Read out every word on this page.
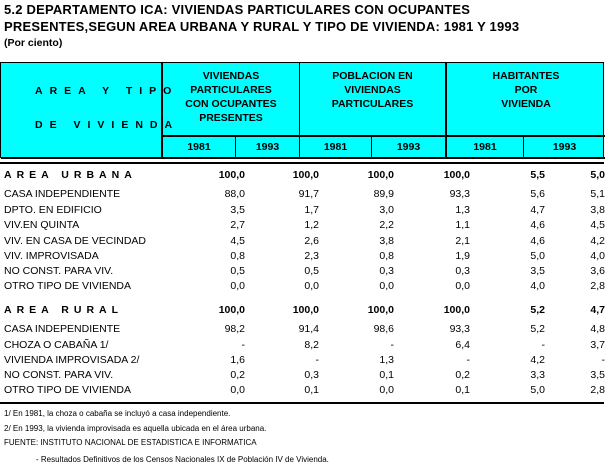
5.2 DEPARTAMENTO ICA: VIVIENDAS PARTICULARES CON OCUPANTES
PRESENTES,SEGUN AREA URBANA Y RURAL Y TIPO DE VIVIENDA: 1981 Y 1993
(Por ciento)
AREA Y TIPO
DE VIVIENDA
VIVIENDAS PARTICULARES
CON OCUPANTES
PRESENTES
POBLACION EN
VIVIENDAS
PARTICULARES
HABITANTES
POR
VIVIENDA
1981	1993	1981	1993	1981	1993
AREA URBANA	100,0	100,0	100,0	100,0	5,5	5,0
CASA INDEPENDIENTE	88,0	91,7	89,9	93,3	5,6	5,1
DPTO. EN EDIFICIO	3,5	1,7	3,0	1,3	4,7	3,8
VIV.EN QUINTA	2,7	1,2	2,2	1,1	4,6	4,5
VIV. EN CASA DE VECINDAD	4,5	2,6	3,8	2,1	4,6	4,2
VIV. IMPROVISADA	0,8	2,3	0,8	1,9	5,0	4,0
NO CONST. PARA VIV.	0,5	0,5	0,3	0,3	3,5	3,6
OTRO TIPO DE VIVIENDA	0,0	0,0	0,0	0,0	4,0	2,8
AREA RURAL	100,0	100,0	100,0	100,0	5,2	4,7
CASA INDEPENDIENTE	98,2	91,4	98,6	93,3	5,2	4,8
CHOZA O CABAÑA 1/	-	8,2	-	6,4	-	3,7
VIVIENDA IMPROVISADA 2/	1,6	-	1,3	-	4,2	-
NO CONST. PARA VIV.	0,2	0,3	0,1	0,2	3,3	3,5
OTRO TIPO DE VIVIENDA	0,0	0,1	0,0	0,1	5,0	2,8
1/ En 1981, la choza o cabaña se incluyó a casa independiente.
2/ En 1993, la vivienda improvisada es aquella ubicada en el área urbana.
FUENTE: INSTITUTO NACIONAL DE ESTADISTICA E INFORMATICA
- Resultados Definitivos de los Censos Nacionales IX de Población IV de Vivienda.
